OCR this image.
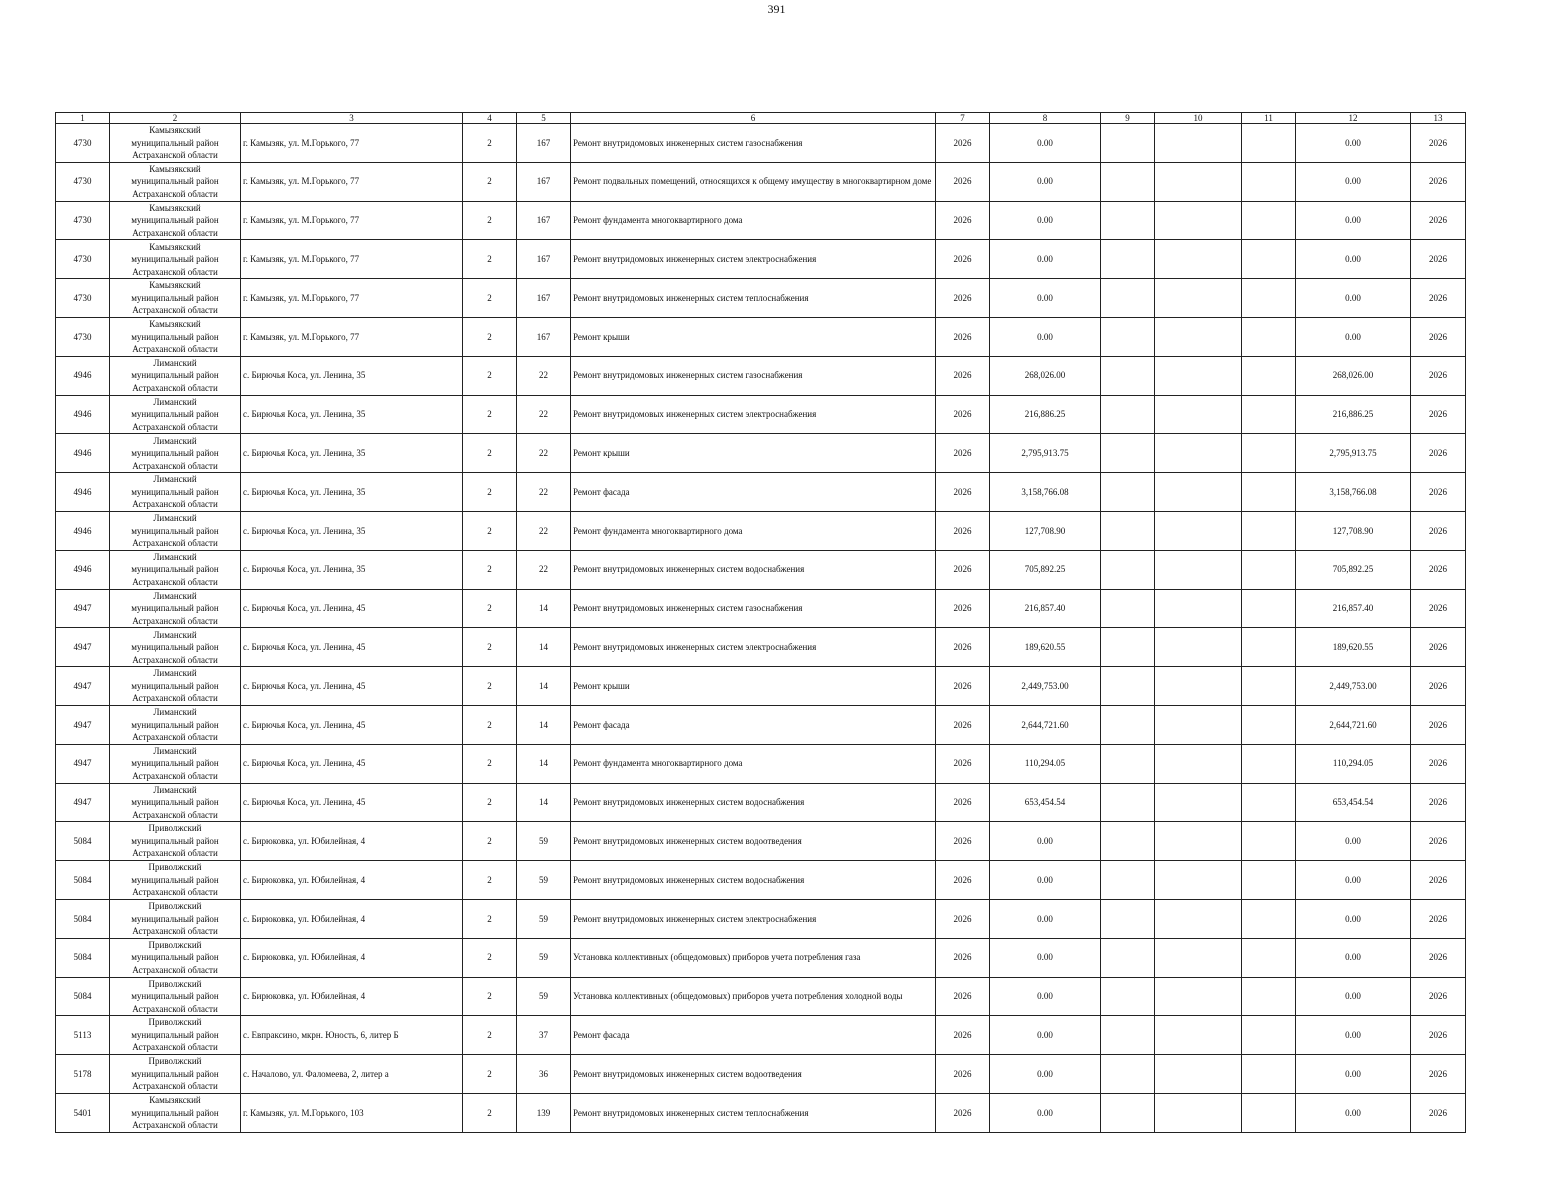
391
1	2	3	4	5	6	7	8	9	10	11	12	13
4730	Камызякский
муниципальный район
Астраханской области	г. Камызяк, ул. М.Горького, 77	2	167	Ремонт внутридомовых инженерных систем газоснабжения	2026	0.00				0.00	2026
4730	Камызякский
муниципальный район
Астраханской области	г. Камызяк, ул. М.Горького, 77	2	167	Ремонт подвальных помещений, относящихся к общему имуществу в многоквартирном доме	2026	0.00				0.00	2026
4730	Камызякский
муниципальный район
Астраханской области	г. Камызяк, ул. М.Горького, 77	2	167	Ремонт фундамента многоквартирного дома	2026	0.00				0.00	2026
4730	Камызякский
муниципальный район
Астраханской области	г. Камызяк, ул. М.Горького, 77	2	167	Ремонт внутридомовых инженерных систем электроснабжения	2026	0.00				0.00	2026
4730	Камызякский
муниципальный район
Астраханской области	г. Камызяк, ул. М.Горького, 77	2	167	Ремонт внутридомовых инженерных систем теплоснабжения	2026	0.00				0.00	2026
4730	Камызякский
муниципальный район
Астраханской области	г. Камызяк, ул. М.Горького, 77	2	167	Ремонт крыши	2026	0.00				0.00	2026
4946	Лиманский
муниципальный район
Астраханской области	с. Бирючья Коса, ул. Ленина, 35	2	22	Ремонт внутридомовых инженерных систем газоснабжения	2026	268,026.00				268,026.00	2026
4946	Лиманский
муниципальный район
Астраханской области	с. Бирючья Коса, ул. Ленина, 35	2	22	Ремонт внутридомовых инженерных систем электроснабжения	2026	216,886.25				216,886.25	2026
4946	Лиманский
муниципальный район
Астраханской области	с. Бирючья Коса, ул. Ленина, 35	2	22	Ремонт крыши	2026	2,795,913.75				2,795,913.75	2026
4946	Лиманский
муниципальный район
Астраханской области	с. Бирючья Коса, ул. Ленина, 35	2	22	Ремонт фасада	2026	3,158,766.08				3,158,766.08	2026
4946	Лиманский
муниципальный район
Астраханской области	с. Бирючья Коса, ул. Ленина, 35	2	22	Ремонт фундамента многоквартирного дома	2026	127,708.90				127,708.90	2026
4946	Лиманский
муниципальный район
Астраханской области	с. Бирючья Коса, ул. Ленина, 35	2	22	Ремонт внутридомовых инженерных систем водоснабжения	2026	705,892.25				705,892.25	2026
4947	Лиманский
муниципальный район
Астраханской области	с. Бирючья Коса, ул. Ленина, 45	2	14	Ремонт внутридомовых инженерных систем газоснабжения	2026	216,857.40				216,857.40	2026
4947	Лиманский
муниципальный район
Астраханской области	с. Бирючья Коса, ул. Ленина, 45	2	14	Ремонт внутридомовых инженерных систем электроснабжения	2026	189,620.55				189,620.55	2026
4947	Лиманский
муниципальный район
Астраханской области	с. Бирючья Коса, ул. Ленина, 45	2	14	Ремонт крыши	2026	2,449,753.00				2,449,753.00	2026
4947	Лиманский
муниципальный район
Астраханской области	с. Бирючья Коса, ул. Ленина, 45	2	14	Ремонт фасада	2026	2,644,721.60				2,644,721.60	2026
4947	Лиманский
муниципальный район
Астраханской области	с. Бирючья Коса, ул. Ленина, 45	2	14	Ремонт фундамента многоквартирного дома	2026	110,294.05				110,294.05	2026
4947	Лиманский
муниципальный район
Астраханской области	с. Бирючья Коса, ул. Ленина, 45	2	14	Ремонт внутридомовых инженерных систем водоснабжения	2026	653,454.54				653,454.54	2026
5084	Приволжский
муниципальный район
Астраханской области	с. Бирюковка, ул. Юбилейная, 4	2	59	Ремонт внутридомовых инженерных систем водоотведения	2026	0.00				0.00	2026
5084	Приволжский
муниципальный район
Астраханской области	с. Бирюковка, ул. Юбилейная, 4	2	59	Ремонт внутридомовых инженерных систем водоснабжения	2026	0.00				0.00	2026
5084	Приволжский
муниципальный район
Астраханской области	с. Бирюковка, ул. Юбилейная, 4	2	59	Ремонт внутридомовых инженерных систем электроснабжения	2026	0.00				0.00	2026
5084	Приволжский
муниципальный район
Астраханской области	с. Бирюковка, ул. Юбилейная, 4	2	59	Установка коллективных (общедомовых) приборов учета потребления газа	2026	0.00				0.00	2026
5084	Приволжский
муниципальный район
Астраханской области	с. Бирюковка, ул. Юбилейная, 4	2	59	Установка коллективных (общедомовых) приборов учета потребления холодной воды	2026	0.00				0.00	2026
5113	Приволжский
муниципальный район
Астраханской области	с. Евпраксино, мкрн. Юность, 6, литер Б	2	37	Ремонт фасада	2026	0.00				0.00	2026
5178	Приволжский
муниципальный район
Астраханской области	с. Началово, ул. Фаломеева, 2, литер а	2	36	Ремонт внутридомовых инженерных систем водоотведения	2026	0.00				0.00	2026
5401	Камызякский
муниципальный район
Астраханской области	г. Камызяк, ул. М.Горького, 103	2	139	Ремонт внутридомовых инженерных систем теплоснабжения	2026	0.00				0.00	2026
